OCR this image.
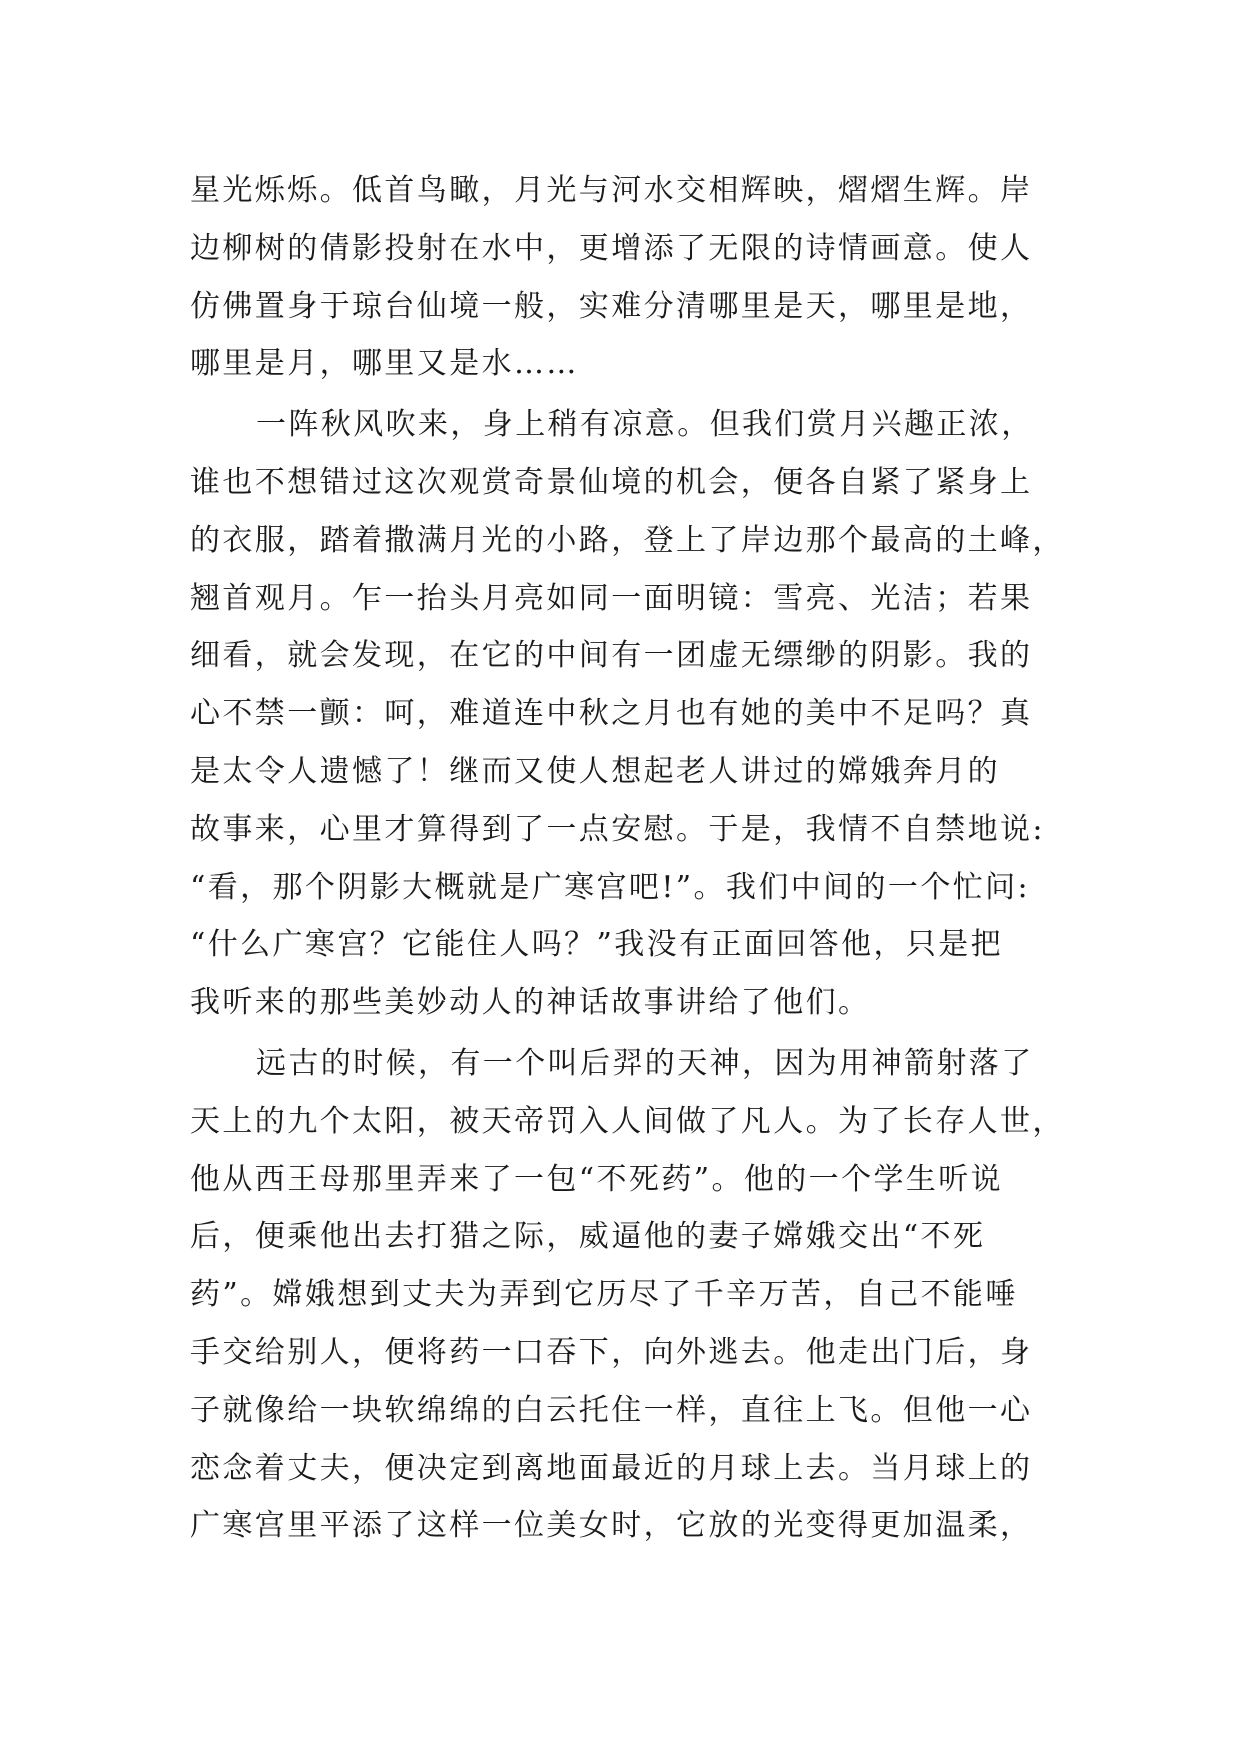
星光烁烁。低首鸟瞰，月光与河水交相辉映，熠熠生辉。岸
边柳树的倩影投射在水中，更增添了无限的诗情画意。使人
仿佛置身于琼台仙境一般，实难分清哪里是天，哪里是地，
哪里是月，哪里又是水……
一阵秋风吹来，身上稍有凉意。但我们赏月兴趣正浓，
谁也不想错过这次观赏奇景仙境的机会，便各自紧了紧身上
的衣服，踏着撒满月光的小路，登上了岸边那个最高的土峰，
翘首观月。乍一抬头月亮如同一面明镜：雪亮、光洁；若果
细看，就会发现，在它的中间有一团虚无缥缈的阴影。我的
心不禁一颤：呵，难道连中秋之月也有她的美中不足吗？真
是太令人遗憾了！继而又使人想起老人讲过的嫦娥奔月的
故事来，心里才算得到了一点安慰。于是，我情不自禁地说:
“看，那个阴影大概就是广寒宫吧!”。我们中间的一个忙问:
“什么广寒宫？它能住人吗？”我没有正面回答他，只是把
我听来的那些美妙动人的神话故事讲给了他们。
远古的时候，有一个叫后羿的天神，因为用神箭射落了
天上的九个太阳，被天帝罚入人间做了凡人。为了长存人世，
他从西王母那里弄来了一包“不死药”。他的一个学生听说
后，便乘他出去打猎之际，威逼他的妻子嫦娥交出“不死
药”。嫦娥想到丈夫为弄到它历尽了千辛万苦，自己不能唾
手交给别人，便将药一口吞下，向外逃去。他走出门后，身
子就像给一块软绵绵的白云托住一样，直往上飞。但他一心
恋念着丈夫，便决定到离地面最近的月球上去。当月球上的
广寒宫里平添了这样一位美女时，它放的光变得更加温柔，
